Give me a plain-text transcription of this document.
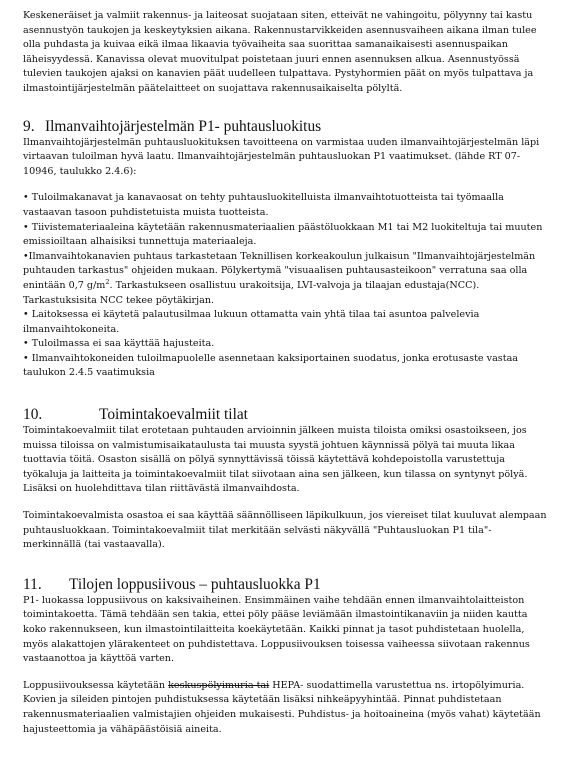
Keskeneräiset ja valmiit rakennus- ja laiteosat suojataan siten, etteivät ne vahingoitu, pölyynny tai kastu asennustyön taukojen ja keskeytyksien aikana. Rakennustarvikkeiden asennusvaiheen aikana ilman tulee olla puhdasta ja kuivaa eikä ilmaa likaavia työvaiheita saa suorittaa samanaikaisesti asennuspaikan läheisyydessä. Kanavissa olevat muovitulpat poistetaan juuri ennen asennuksen alkua. Asennustyössä tulevien taukojen ajaksi on kanavien päät uudelleen tulpattava. Pystyhormien päät on myös tulpattava ja ilmastointijärjestelmän päätelaitteet on suojattava rakennusaikaiselta pölyltä.

9. Ilmanvaihtojärjestelmän P1- puhtausluokitus

Ilmanvaihtojärjestelmän puhtausluokituksen tavoitteena on varmistaa uuden ilmanvaihtojärjestelmän läpi virtaavan tuloilman hyvä laatu. Ilmanvaihtojärjestelmän puhtausluokan P1 vaatimukset. (lähde RT 07-10946, taulukko 2.4.6):

• Tuloilmakanavat ja kanavaosat on tehty puhtausluokitelluista ilmanvaihtotuotteista tai työmaalla vastaavan tasoon puhdistetuista muista tuotteista.

• Tiivistemateriaaleina käytetään rakennusmateriaalien päästöluokkaan M1 tai M2 luokiteltuja tai muuten emissioiltaan alhaisiksi tunnettuja materiaaleja.

•Ilmanvaihtokanavien puhtaus tarkastetaan Teknillisen korkeakoulun julkaisun "Ilmanvaihtojärjestelmän puhtauden tarkastus" ohjeiden mukaan. Pölykertymä "visuaalisen puhtausasteikoon" verratuna saa olla enintään 0,7 $g/m^2$. Tarkastukseen osallistuu urakoitsija, LVI-valvoja ja tilaajan edustaja(NCC). Tarkastuksisita NCC tekee pöytäkirjan.

• Laitoksessa ei käytetä palautusilmaa lukuun ottamatta vain yhtä tilaa tai asuntoa palvelevia ilmanvaihtokoneita.

• Tuloilmassa ei saa käyttää hajusteita.

• Ilmanvaihtokoneiden tuloilmapuolelle asennetaan kaksiportainen suodatus, jonka erotusaste vastaa taulukon 2.4.5 vaatimuksia

10.	Toimintakoevalmiit tilat

Toimintakoevalmiit tilat erotetaan puhtauden arvioinnin jälkeen muista tiloista omiksi osastoikseen, jos muissa tiloissa on valmistumisaikataulusta tai muusta syystä johtuen käynnissä pölyä tai muuta likaa tuottavia töitä. Osaston sisällä on pölyä synnyttävissä töissä käytettävä kohdepoistolla varustettuja työkaluja ja laitteita ja toimintakoevalmiit tilat siivotaan aina sen jälkeen, kun tilassa on syntynyt pölyä. Lisäksi on huolehdittava tilan riittävästä ilmanvaihdosta.

Toimintakoevalmista osastoa ei saa käyttää säännölliseen läpikulkuun, jos viereiset tilat kuuluvat alempaan puhtausluokkaan. Toimintakoevalmiit tilat merkitään selvästi näkyvällä "Puhtausluokan P1 tila"- merkinnällä (tai vastaavalla).

11. Tilojen loppusiivous – puhtausluokka P1

P1- luokassa loppusiivous on kaksivaiheinen. Ensimmäinen vaihe tehdään ennen ilmanvaihtolaitteiston toimintakoetta. Tämä tehdään sen takia, ettei pöly pääse leviämään ilmastointikanaviin ja niiden kautta koko rakennukseen, kun ilmastointilaitteita koekäytetään. Kaikki pinnat ja tasot puhdistetaan huolella, myös alakattojen ylärakenteet on puhdistettava. Loppusiivouksen toisessa vaiheessa siivotaan rakennus vastaanottoa ja käyttöä varten.

Loppusiivouksessa käytetään keskuspölyimuria tai HEPA- suodattimella varustettua ns. irtopölyimuria. Kovien ja sileiden pintojen puhdistuksessa käytetään lisäksi nihkeäpyyhintää. Pinnat puhdistetaan rakennusmateriaalien valmistajien ohjeiden mukaisesti. Puhdistus- ja hoitoaineina (myös vahat) käytetään hajusteettomia ja vähäpäästöisiä aineita.
